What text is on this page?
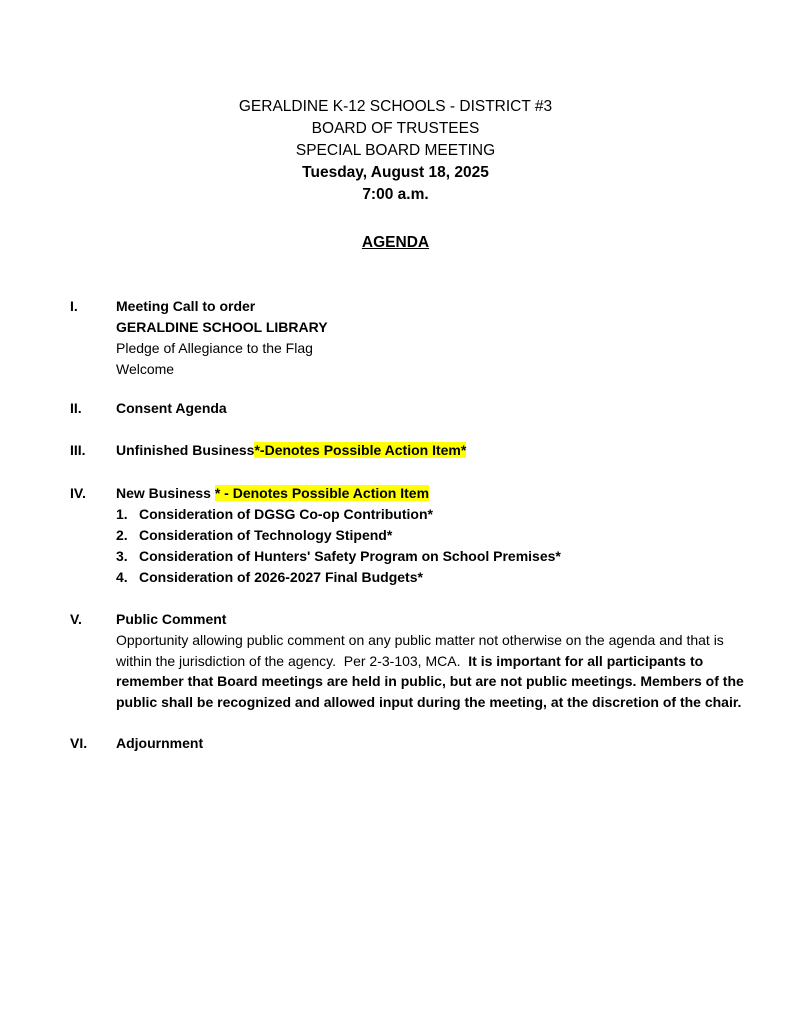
GERALDINE K-12 SCHOOLS - DISTRICT #3
BOARD OF TRUSTEES
SPECIAL BOARD MEETING
Tuesday, August 18, 2025
7:00 a.m.
AGENDA
I.	Meeting Call to order
GERALDINE SCHOOL LIBRARY
Pledge of Allegiance to the Flag
Welcome
II. Consent Agenda
III. Unfinished Business*-Denotes Possible Action Item*
IV. New Business * - Denotes Possible Action Item
1. Consideration of DGSG Co-op Contribution*
2. Consideration of Technology Stipend*
3. Consideration of Hunters' Safety Program on School Premises*
4. Consideration of 2026-2027 Final Budgets*
V. Public Comment
Opportunity allowing public comment on any public matter not otherwise on the agenda and that is within the jurisdiction of the agency.  Per 2-3-103, MCA.  It is important for all participants to remember that Board meetings are held in public, but are not public meetings. Members of the public shall be recognized and allowed input during the meeting, at the discretion of the chair.
VI. Adjournment
